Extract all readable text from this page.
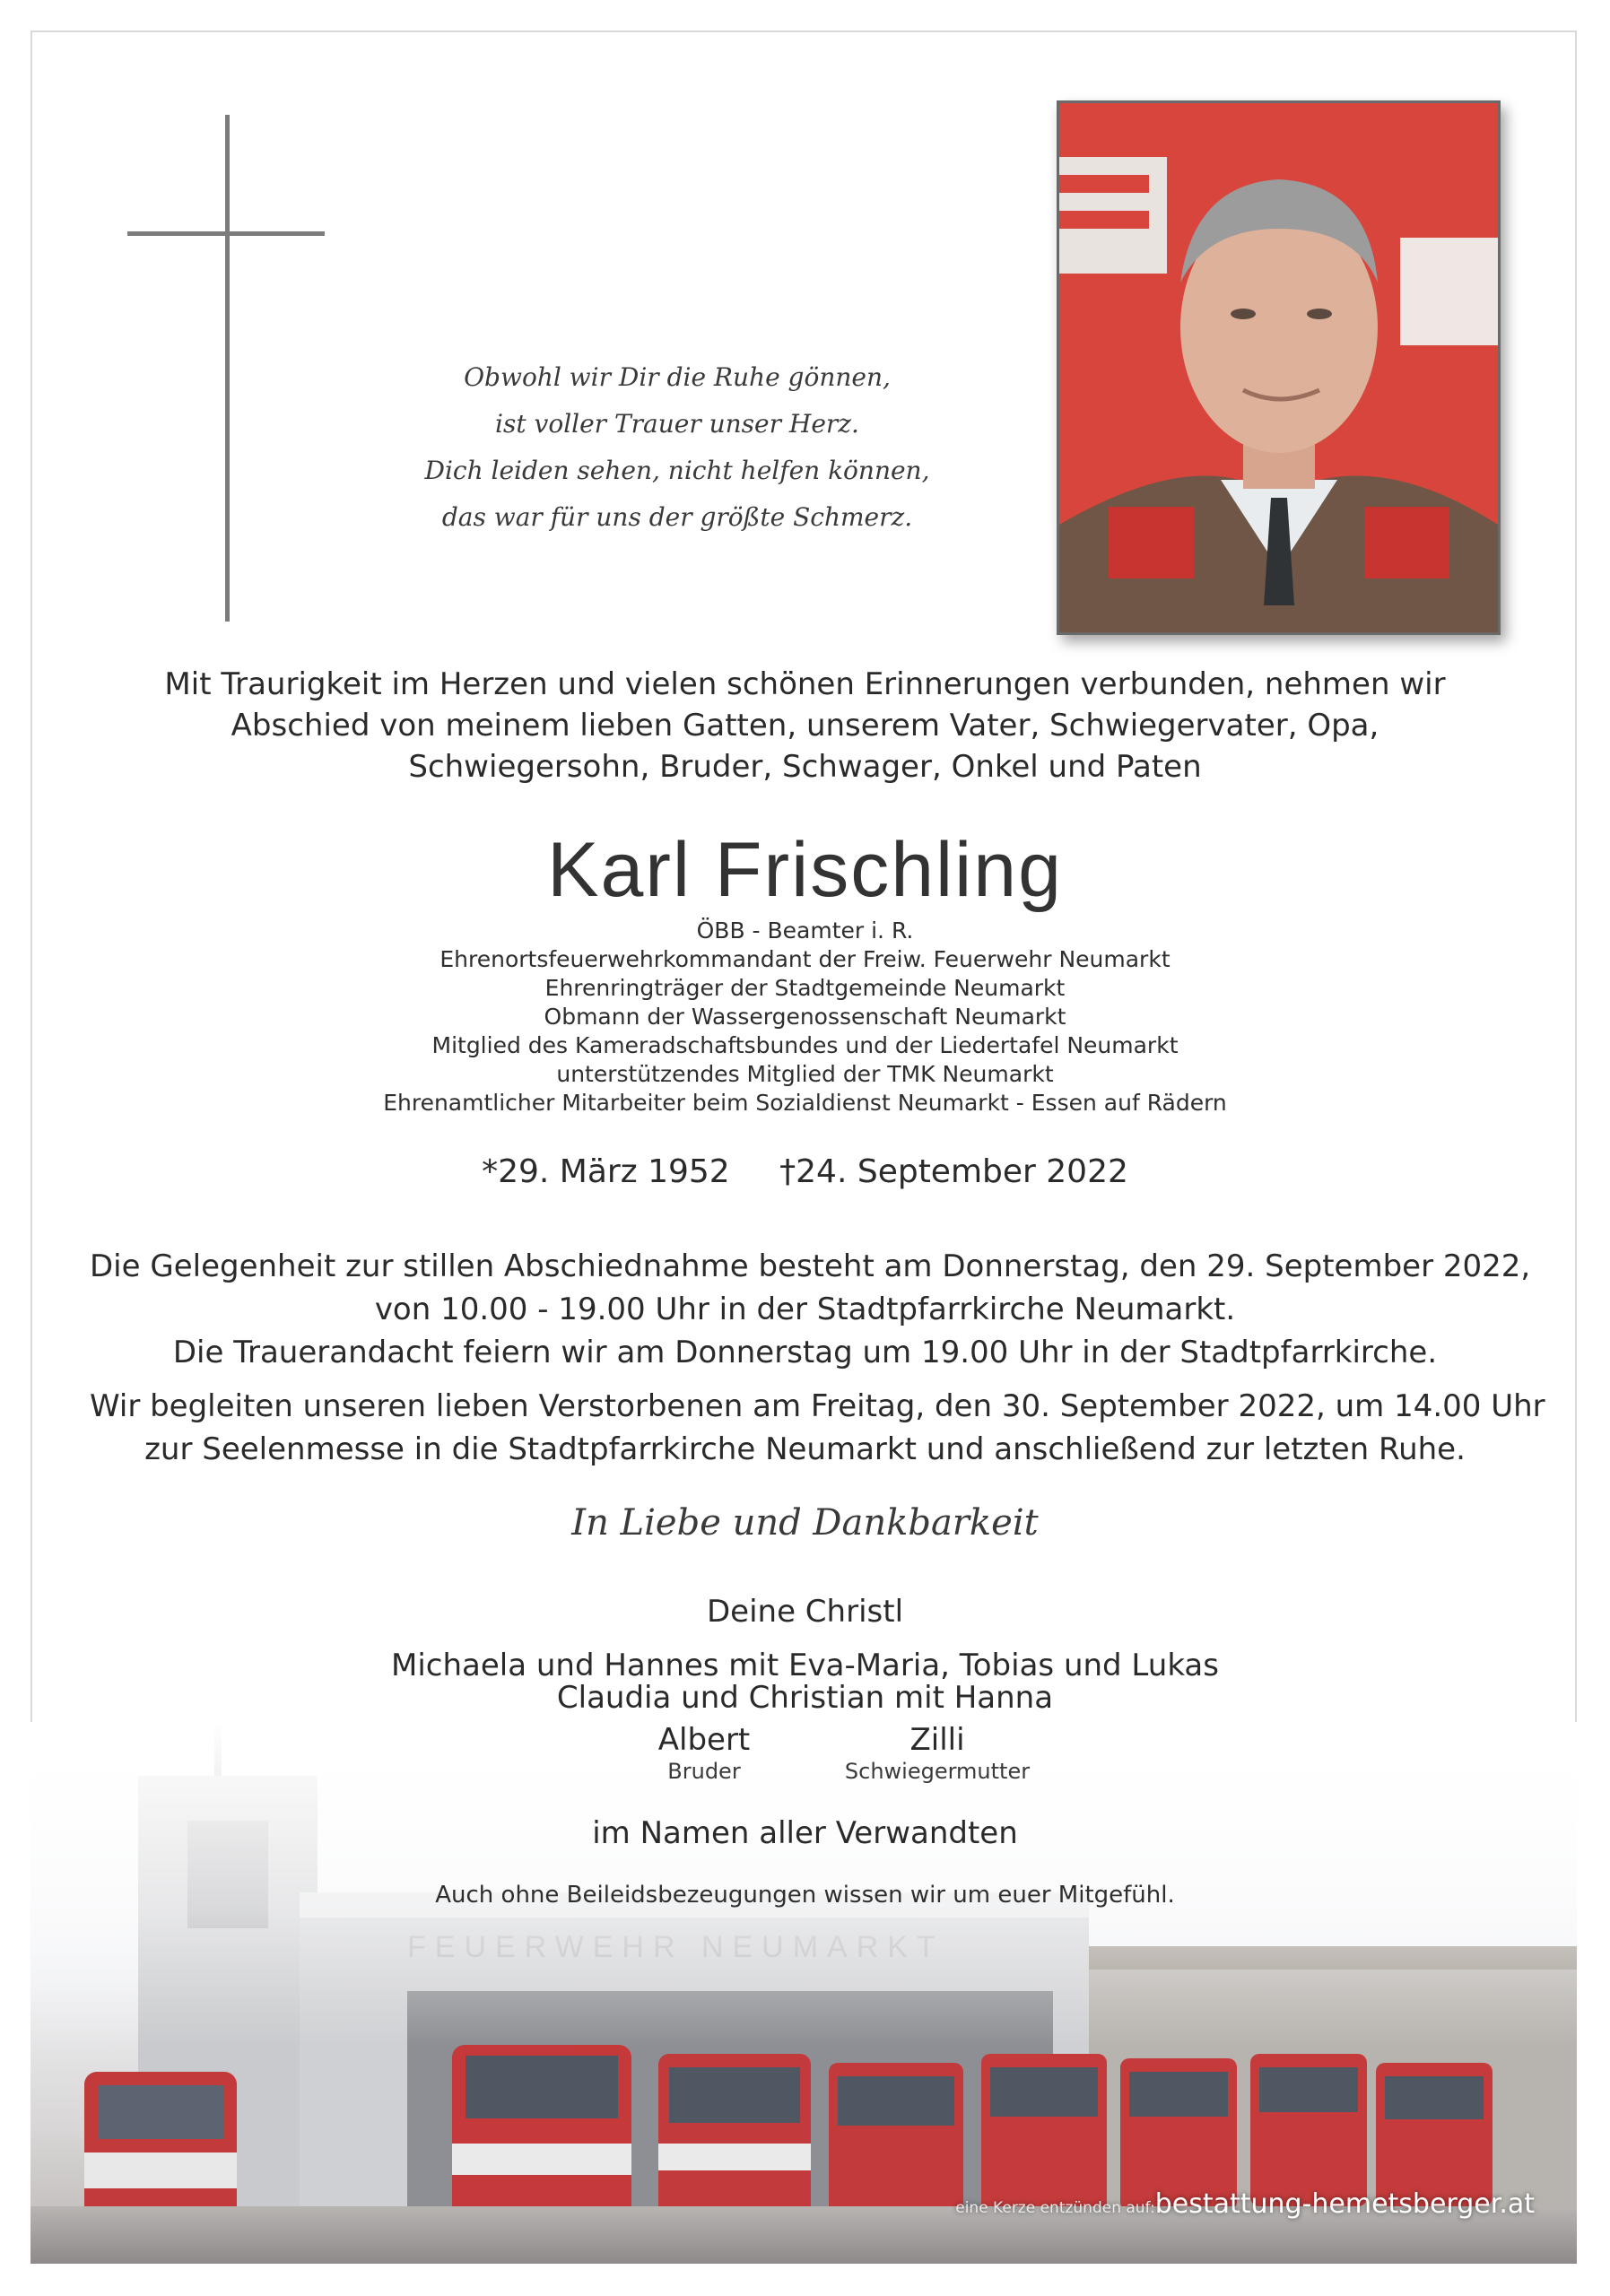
eine Kerze entzünden auf:bestattung-hemetsberger.at
Obwohl wir Dir die Ruhe gönnen,
ist voller Trauer unser Herz.
Dich leiden sehen, nicht helfen können,
das war für uns der größte Schmerz.
Mit Traurigkeit im Herzen und vielen schönen Erinnerungen verbunden, nehmen wir
Abschied von meinem lieben Gatten, unserem Vater, Schwiegervater, Opa,
Schwiegersohn, Bruder, Schwager, Onkel und Paten
Karl Frischling
ÖBB - Beamter i. R.
Ehrenortsfeuerwehrkommandant der Freiw. Feuerwehr Neumarkt
Ehrenringträger der Stadtgemeinde Neumarkt
Obmann der Wassergenossenschaft Neumarkt
Mitglied des Kameradschaftsbundes und der Liedertafel Neumarkt
unterstützendes Mitglied der TMK Neumarkt
Ehrenamtlicher Mitarbeiter beim Sozialdienst Neumarkt - Essen auf Rädern
*29. März 1952 †24. September 2022
Die Gelegenheit zur stillen Abschiednahme besteht am Donnerstag, den 29. September 2022,
von 10.00 - 19.00 Uhr in der Stadtpfarrkirche Neumarkt.
Die Trauerandacht feiern wir am Donnerstag um 19.00 Uhr in der Stadtpfarrkirche.
Wir begleiten unseren lieben Verstorbenen am Freitag, den 30. September 2022, um 14.00 Uhr
zur Seelenmesse in die Stadtpfarrkirche Neumarkt und anschließend zur letzten Ruhe.
In Liebe und Dankbarkeit
Deine Christl
Michaela und Hannes mit Eva-Maria, Tobias und Lukas
Claudia und Christian mit Hanna
Albert
Bruder
Zilli
Schwiegermutter
im Namen aller Verwandten
Auch ohne Beileidsbezeugungen wissen wir um euer Mitgefühl.
